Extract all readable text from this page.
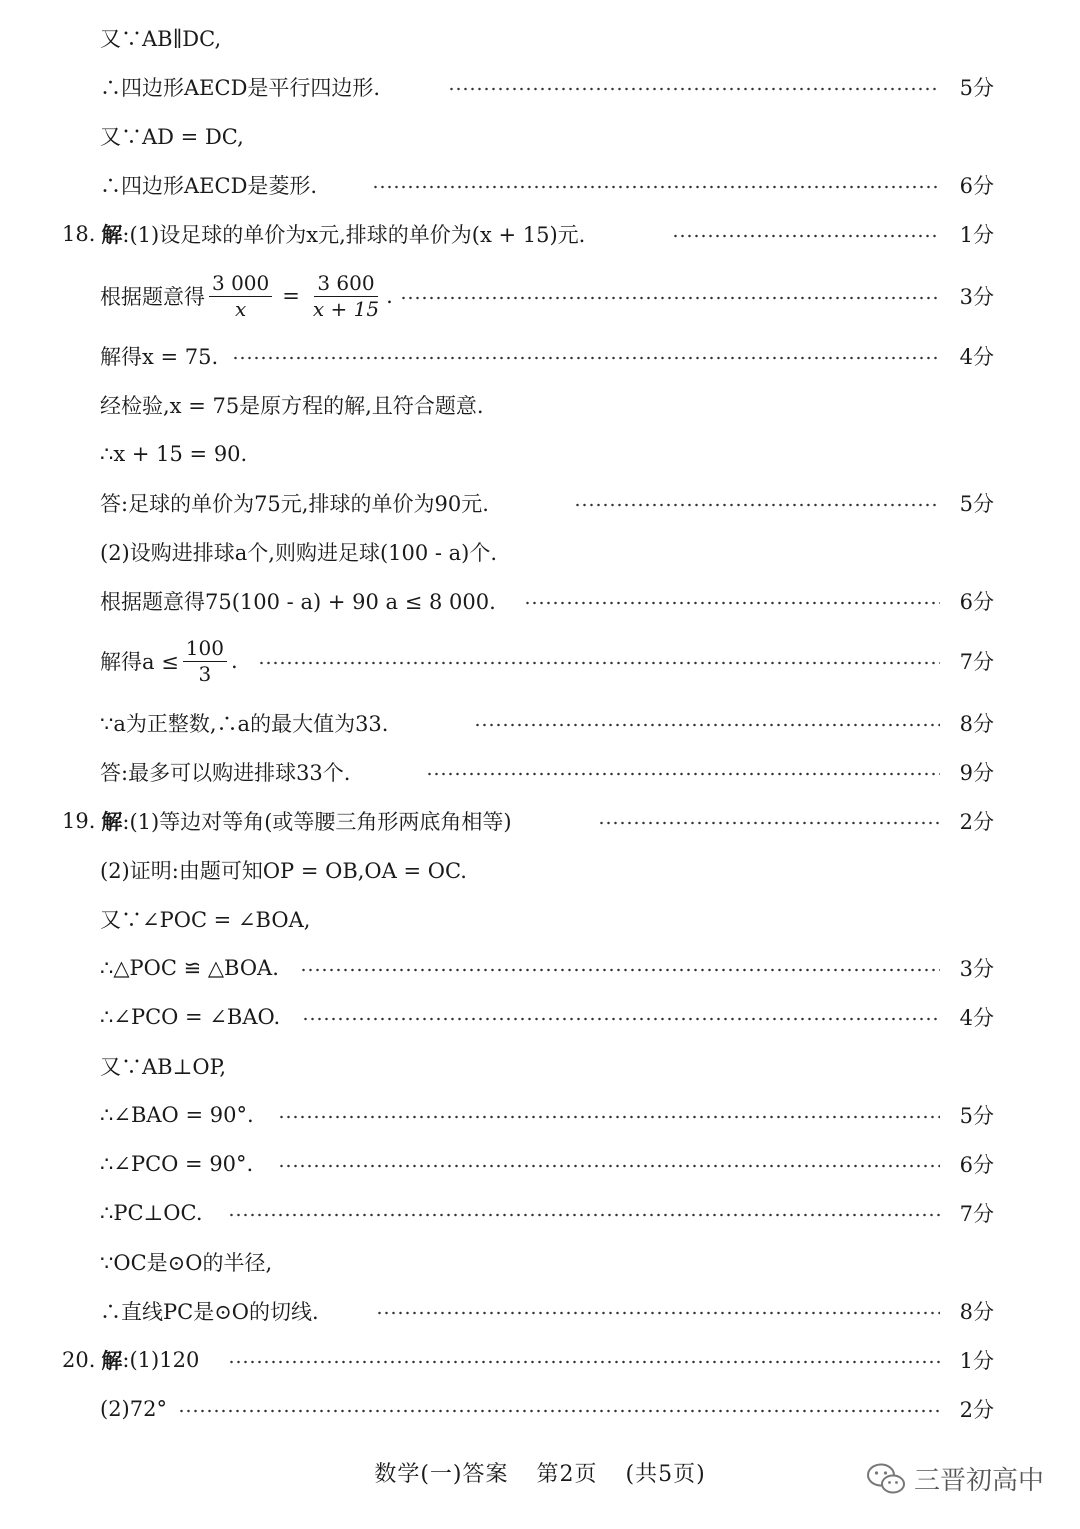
又∵AB∥DC,
∴四边形AECD是平行四边形.	5分
又∵AD = DC,
∴四边形AECD是菱形.	6分
18. 解 :(1)设足球的单价为x元,排球的单价为(x + 15)元.	1分
根据题意得 $\frac{3 000}{x} = \frac{3 600}{x + 15}$ .	3分
解得x = 75.	4分
经检验,x = 75是原方程的解,且符合题意.
∴x + 15 = 90.
答:足球的单价为75元,排球的单价为90元.	5分
(2)设购进排球a个,则购进足球(100 - a)个.
根据题意得75(100 - a) + 90 a ≤ 8 000.	6分
解得$a \le \frac{100}{3}$ .	7分
∵a为正整数,∴a的最大值为33.	8分
答:最多可以购进排球33个.	9分
19. 解 :(1)等边对等角(或等腰三角形两底角相等)	2分
(2)证明:由题可知OP = OB,OA = OC.
又∵∠POC = ∠BOA,
∴△POC ≌ △BOA.	3分
∴∠PCO = ∠BAO.	4分
又∵AB⊥OP,
∴∠BAO = 90°.	5分
∴∠PCO = 90°.	6分
∴PC⊥OC.	7分
∵OC是⊙O的半径,
∴直线PC是⊙O的切线.	8分
20. 解 :(1)120	1分
(2)72°	2分
数学(一)答案 第2页 (共5页)	三晋初高中
